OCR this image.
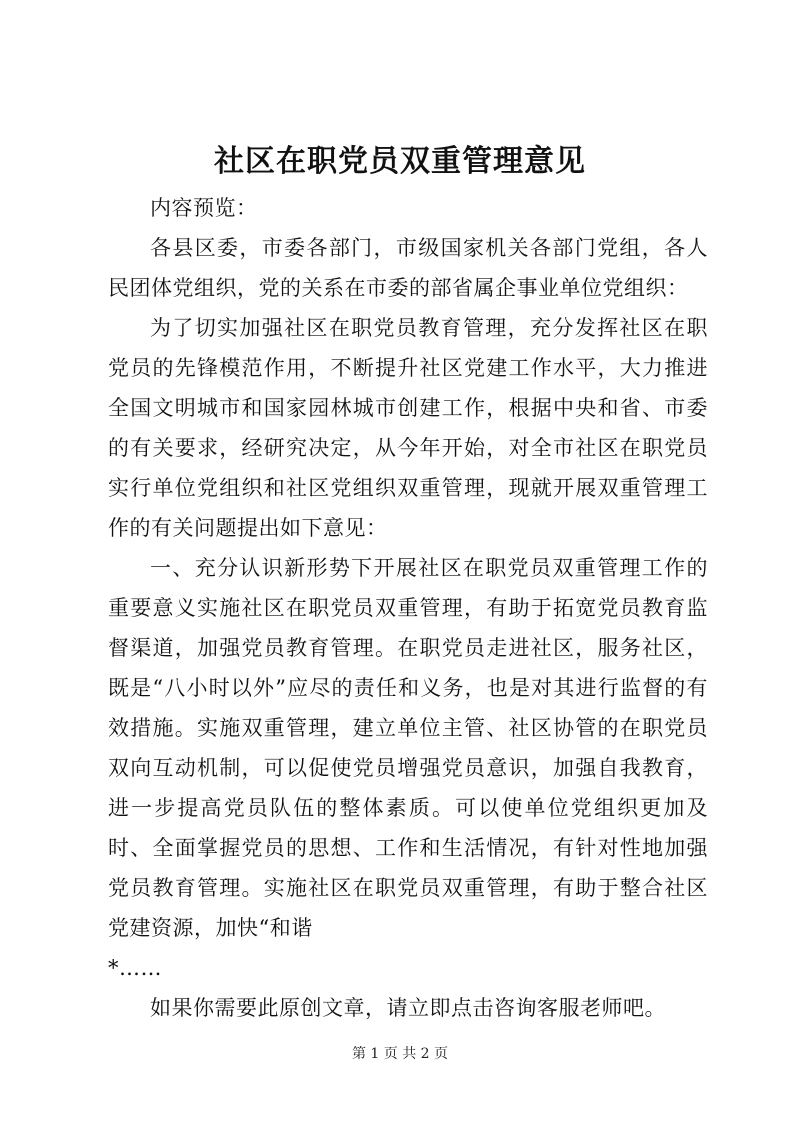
社区在职党员双重管理意见

内容预览：

各县区委，市委各部门，市级国家机关各部门党组，各人民团体党组织，党的关系在市委的部省属企事业单位党组织：

为了切实加强社区在职党员教育管理，充分发挥社区在职党员的先锋模范作用，不断提升社区党建工作水平，大力推进全国文明城市和国家园林城市创建工作，根据中央和省、市委的有关要求，经研究决定，从今年开始，对全市社区在职党员实行单位党组织和社区党组织双重管理，现就开展双重管理工作的有关问题提出如下意见：

一、充分认识新形势下开展社区在职党员双重管理工作的重要意义实施社区在职党员双重管理，有助于拓宽党员教育监督渠道，加强党员教育管理。在职党员走进社区，服务社区，既是“八小时以外”应尽的责任和义务，也是对其进行监督的有效措施。实施双重管理，建立单位主管、社区协管的在职党员双向互动机制，可以促使党员增强党员意识，加强自我教育，进一步提高党员队伍的整体素质。可以使单位党组织更加及时、全面掌握党员的思想、工作和生活情况，有针对性地加强党员教育管理。实施社区在职党员双重管理，有助于整合社区党建资源，加快“和谐

*……

如果你需要此原创文章，请立即点击咨询客服老师吧。

第 1 页 共 2 页
